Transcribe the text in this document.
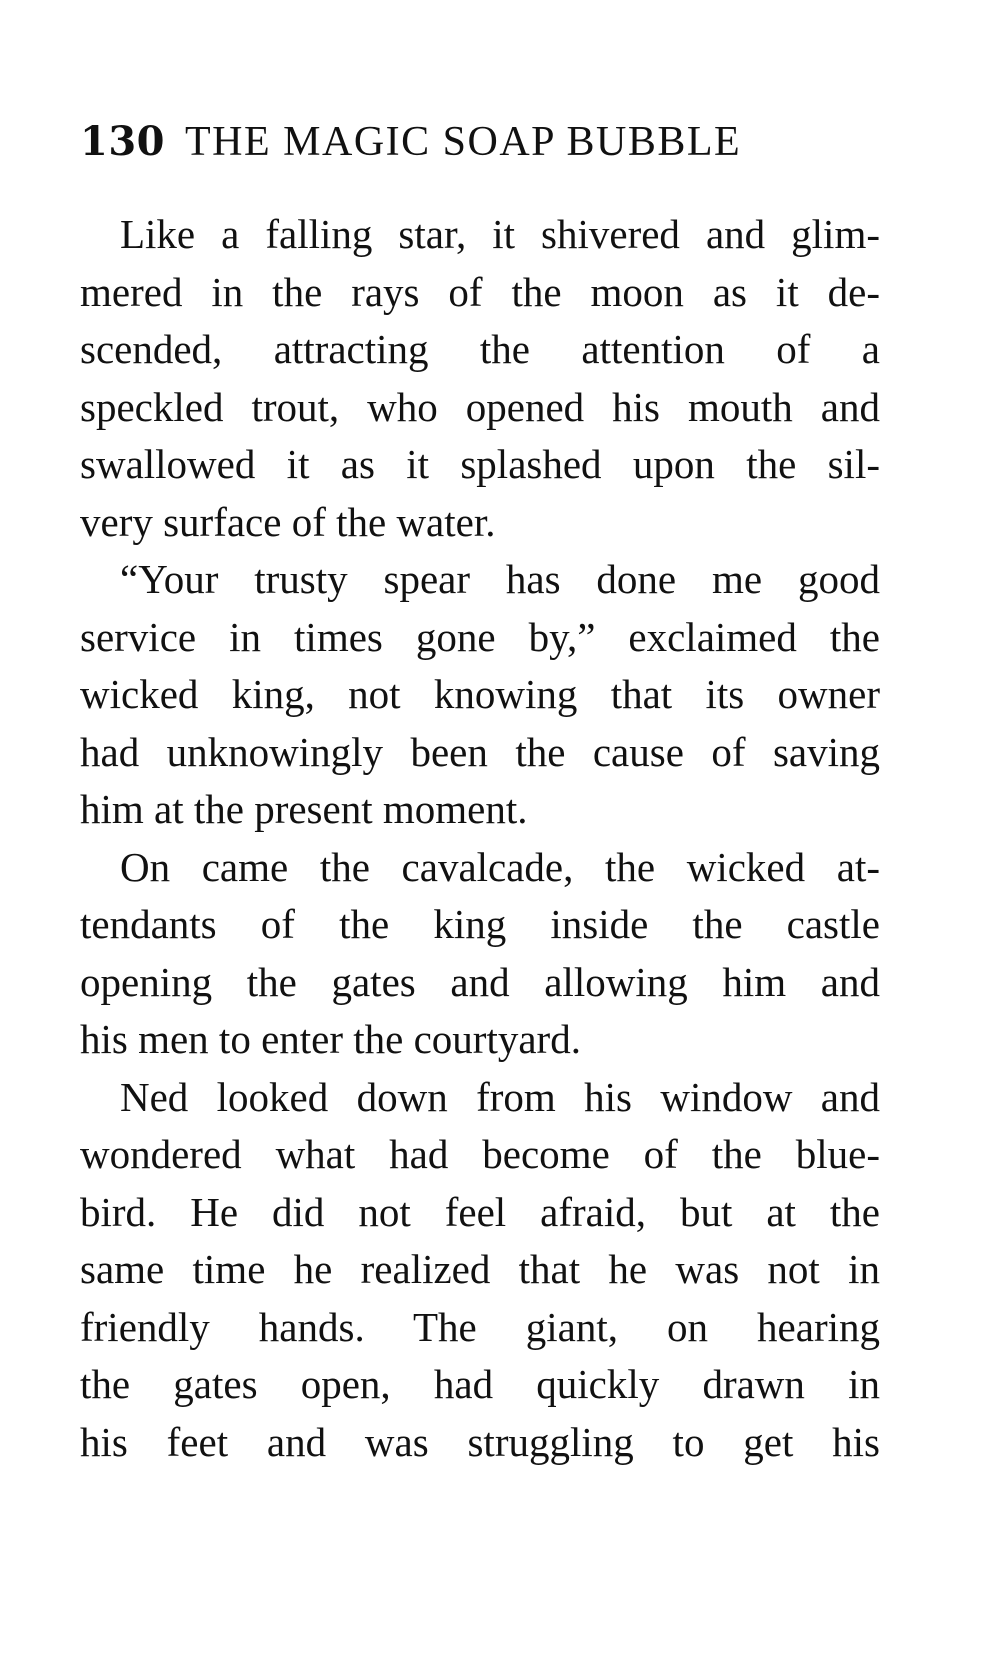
130 THE MAGIC SOAP BUBBLE
Like a falling star, it shivered and glim-
mered in the rays of the moon as it de-
scended, attracting the attention of a
speckled trout, who opened his mouth and
swallowed it as it splashed upon the sil-
very surface of the water.
“Your trusty spear has done me good
service in times gone by,” exclaimed the
wicked king, not knowing that its owner
had unknowingly been the cause of saving
him at the present moment.
On came the cavalcade, the wicked at-
tendants of the king inside the castle
opening the gates and allowing him and
his men to enter the courtyard.
Ned looked down from his window and
wondered what had become of the blue-
bird. He did not feel afraid, but at the
same time he realized that he was not in
friendly hands. The giant, on hearing
the gates open, had quickly drawn in
his feet and was struggling to get his
